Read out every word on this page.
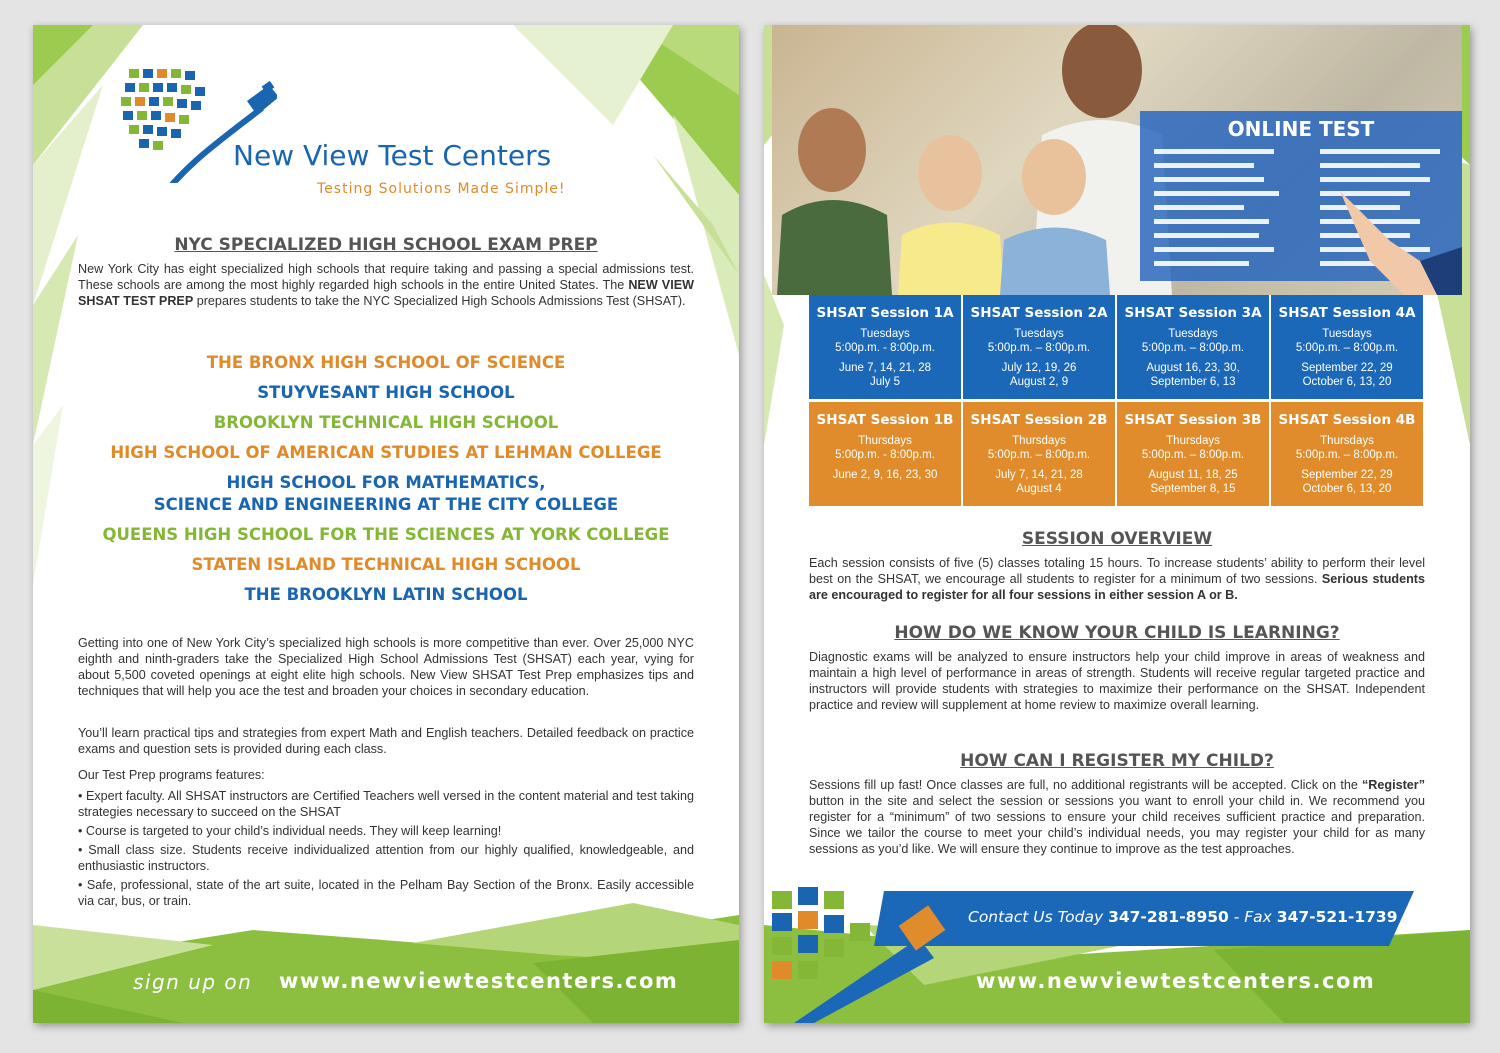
New View Test Centers
Testing Solutions Made Simple!
NYC SPECIALIZED HIGH SCHOOL EXAM PREP
New York City has eight specialized high schools that require taking and passing a special admissions test. These schools are among the most highly regarded high schools in the entire United States. The NEW VIEW SHSAT TEST PREP prepares students to take the NYC Specialized High Schools Admissions Test (SHSAT).
THE BRONX HIGH SCHOOL OF SCIENCE
STUYVESANT HIGH SCHOOL
BROOKLYN TECHNICAL HIGH SCHOOL
HIGH SCHOOL OF AMERICAN STUDIES AT LEHMAN COLLEGE
HIGH SCHOOL FOR MATHEMATICS,
SCIENCE AND ENGINEERING AT THE CITY COLLEGE
QUEENS HIGH SCHOOL FOR THE SCIENCES AT YORK COLLEGE
STATEN ISLAND TECHNICAL HIGH SCHOOL
THE BROOKLYN LATIN SCHOOL
Getting into one of New York City’s specialized high schools is more competitive than ever. Over 25,000 NYC eighth and ninth-graders take the Specialized High School Admissions Test (SHSAT) each year, vying for about 5,500 coveted openings at eight elite high schools. New View SHSAT Test Prep emphasizes tips and techniques that will help you ace the test and broaden your choices in secondary education.
You’ll learn practical tips and strategies from expert Math and English teachers. Detailed feedback on practice exams and question sets is provided during each class.
Our Test Prep programs features:
• Expert faculty. All SHSAT instructors are Certified Teachers well versed in the content material and test taking strategies necessary to succeed on the SHSAT
• Course is targeted to your child’s individual needs. They will keep learning!
• Small class size. Students receive individualized attention from our highly qualified, knowledgeable, and enthusiastic instructors.
• Safe, professional, state of the art suite, located in the Pelham Bay Section of the Bronx. Easily accessible via car, bus, or train.
sign up on www.newviewtestcenters.com
ONLINE TEST
SHSAT Session 1A
Tuesdays
5:00p.m. - 8:00p.m.
June 7, 14, 21, 28
July 5
SHSAT Session 2A
Tuesdays
5:00p.m. – 8:00p.m.
July 12, 19, 26
August 2, 9
SHSAT Session 3A
Tuesdays
5:00p.m. – 8:00p.m.
August 16, 23, 30,
September 6, 13
SHSAT Session 4A
Tuesdays
5:00p.m. – 8:00p.m.
September 22, 29
October 6, 13, 20
SHSAT Session 1B
Thursdays
5:00p.m. - 8:00p.m.
June 2, 9, 16, 23, 30
SHSAT Session 2B
Thursdays
5:00p.m. – 8:00p.m.
July 7, 14, 21, 28
August 4
SHSAT Session 3B
Thursdays
5:00p.m. – 8:00p.m.
August 11, 18, 25
September 8, 15
SHSAT Session 4B
Thursdays
5:00p.m. – 8:00p.m.
September 22, 29
October 6, 13, 20
SESSION OVERVIEW
Each session consists of five (5) classes totaling 15 hours. To increase students’ ability to perform their level best on the SHSAT, we encourage all students to register for a minimum of two sessions. Serious students are encouraged to register for all four sessions in either session A or B.
HOW DO WE KNOW YOUR CHILD IS LEARNING?
Diagnostic exams will be analyzed to ensure instructors help your child improve in areas of weakness and maintain a high level of performance in areas of strength. Students will receive regular targeted practice and instructors will provide students with strategies to maximize their performance on the SHSAT. Independent practice and review will supplement at home review to maximize overall learning.
HOW CAN I REGISTER MY CHILD?
Sessions fill up fast! Once classes are full, no additional registrants will be accepted. Click on the “Register” button in the site and select the session or sessions you want to enroll your child in. We recommend you register for a “minimum” of two sessions to ensure your child receives sufficient practice and preparation. Since we tailor the course to meet your child’s individual needs, you may register your child for as many sessions as you’d like. We will ensure they continue to improve as the test approaches.
Contact Us Today 347-281-8950 - Fax 347-521-1739
www.newviewtestcenters.com
